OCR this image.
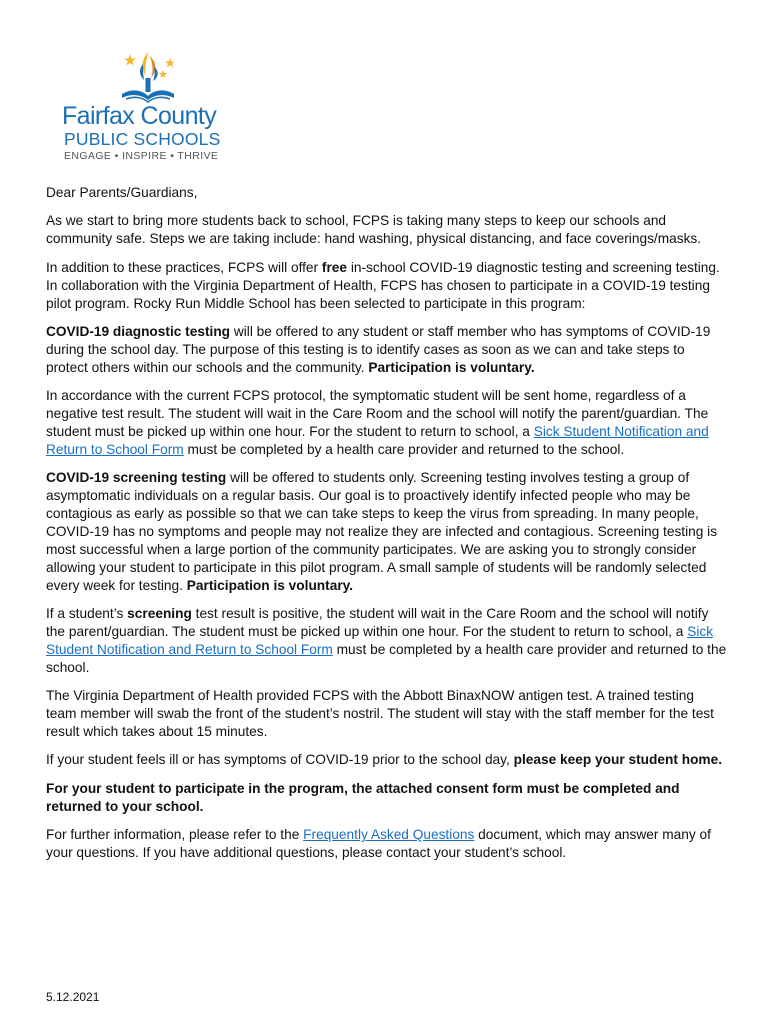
Fairfax County
PUBLIC SCHOOLS
ENGAGE • INSPIRE • THRIVE

Dear Parents/Guardians,

As we start to bring more students back to school, FCPS is taking many steps to keep our schools and community safe. Steps we are taking include: hand washing, physical distancing, and face coverings/masks.

In addition to these practices, FCPS will offer free in-school COVID-19 diagnostic testing and screening testing. In collaboration with the Virginia Department of Health, FCPS has chosen to participate in a COVID-19 testing pilot program. Rocky Run Middle School has been selected to participate in this program:

COVID-19 diagnostic testing will be offered to any student or staff member who has symptoms of COVID-19 during the school day. The purpose of this testing is to identify cases as soon as we can and take steps to protect others within our schools and the community. Participation is voluntary.

In accordance with the current FCPS protocol, the symptomatic student will be sent home, regardless of a negative test result. The student will wait in the Care Room and the school will notify the parent/guardian. The student must be picked up within one hour. For the student to return to school, a Sick Student Notification and Return to School Form must be completed by a health care provider and returned to the school.

COVID-19 screening testing will be offered to students only. Screening testing involves testing a group of asymptomatic individuals on a regular basis. Our goal is to proactively identify infected people who may be contagious as early as possible so that we can take steps to keep the virus from spreading. In many people, COVID-19 has no symptoms and people may not realize they are infected and contagious. Screening testing is most successful when a large portion of the community participates. We are asking you to strongly consider allowing your student to participate in this pilot program. A small sample of students will be randomly selected every week for testing. Participation is voluntary.

If a student’s screening test result is positive, the student will wait in the Care Room and the school will notify the parent/guardian. The student must be picked up within one hour. For the student to return to school, a Sick Student Notification and Return to School Form must be completed by a health care provider and returned to the school.

The Virginia Department of Health provided FCPS with the Abbott BinaxNOW antigen test. A trained testing team member will swab the front of the student’s nostril. The student will stay with the staff member for the test result which takes about 15 minutes.

If your student feels ill or has symptoms of COVID-19 prior to the school day, please keep your student home.

For your student to participate in the program, the attached consent form must be completed and returned to your school.

For further information, please refer to the Frequently Asked Questions document, which may answer many of your questions. If you have additional questions, please contact your student’s school.

5.12.2021
